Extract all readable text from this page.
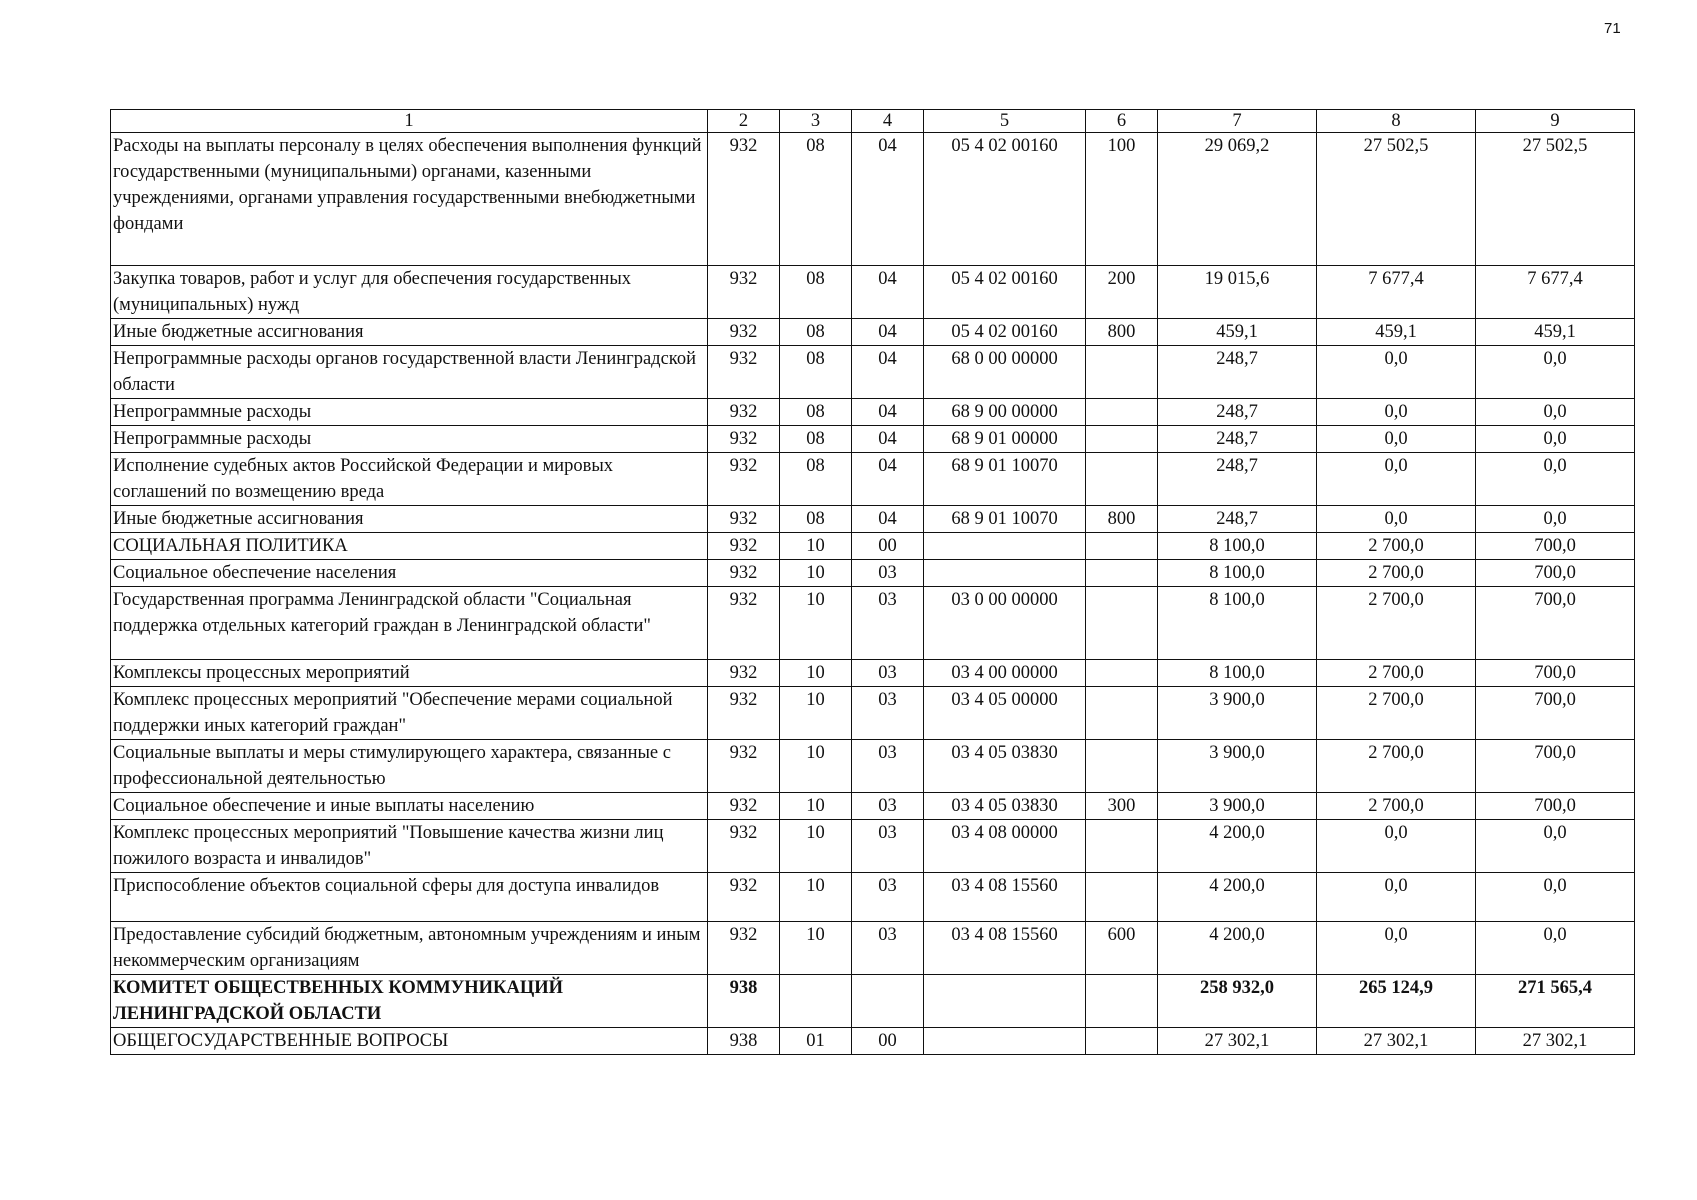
71
1	2	3	4	5	6	7	8	9
Расходы на выплаты персоналу в целях обеспечения выполнения функций государственными (муниципальными) органами, казенными учреждениями, органами управления государственными внебюджетными фондами	932	08	04	05 4 02 00160	100	29 069,2	27 502,5	27 502,5
Закупка товаров, работ и услуг для обеспечения государственных (муниципальных) нужд	932	08	04	05 4 02 00160	200	19 015,6	7 677,4	7 677,4
Иные бюджетные ассигнования	932	08	04	05 4 02 00160	800	459,1	459,1	459,1
Непрограммные расходы органов государственной власти Ленинградской области	932	08	04	68 0 00 00000		248,7	0,0	0,0
Непрограммные расходы	932	08	04	68 9 00 00000		248,7	0,0	0,0
Непрограммные расходы	932	08	04	68 9 01 00000		248,7	0,0	0,0
Исполнение судебных актов Российской Федерации и мировых соглашений по возмещению вреда	932	08	04	68 9 01 10070		248,7	0,0	0,0
Иные бюджетные ассигнования	932	08	04	68 9 01 10070	800	248,7	0,0	0,0
СОЦИАЛЬНАЯ ПОЛИТИКА	932	10	00			8 100,0	2 700,0	700,0
Социальное обеспечение населения	932	10	03			8 100,0	2 700,0	700,0
Государственная программа Ленинградской области "Социальная поддержка отдельных категорий граждан в Ленинградской области"	932	10	03	03 0 00 00000		8 100,0	2 700,0	700,0
Комплексы процессных мероприятий	932	10	03	03 4 00 00000		8 100,0	2 700,0	700,0
Комплекс процессных мероприятий "Обеспечение мерами социальной поддержки иных категорий граждан"	932	10	03	03 4 05 00000		3 900,0	2 700,0	700,0
Социальные выплаты и меры стимулирующего характера, связанные с профессиональной деятельностью	932	10	03	03 4 05 03830		3 900,0	2 700,0	700,0
Социальное обеспечение и иные выплаты населению	932	10	03	03 4 05 03830	300	3 900,0	2 700,0	700,0
Комплекс процессных мероприятий "Повышение качества жизни лиц пожилого возраста и инвалидов"	932	10	03	03 4 08 00000		4 200,0	0,0	0,0
Приспособление объектов социальной сферы для доступа инвалидов	932	10	03	03 4 08 15560		4 200,0	0,0	0,0
Предоставление субсидий бюджетным, автономным учреждениям и иным некоммерческим организациям	932	10	03	03 4 08 15560	600	4 200,0	0,0	0,0
КОМИТЕТ ОБЩЕСТВЕННЫХ КОММУНИКАЦИЙ ЛЕНИНГРАДСКОЙ ОБЛАСТИ	938					258 932,0	265 124,9	271 565,4
ОБЩЕГОСУДАРСТВЕННЫЕ ВОПРОСЫ	938	01	00			27 302,1	27 302,1	27 302,1
